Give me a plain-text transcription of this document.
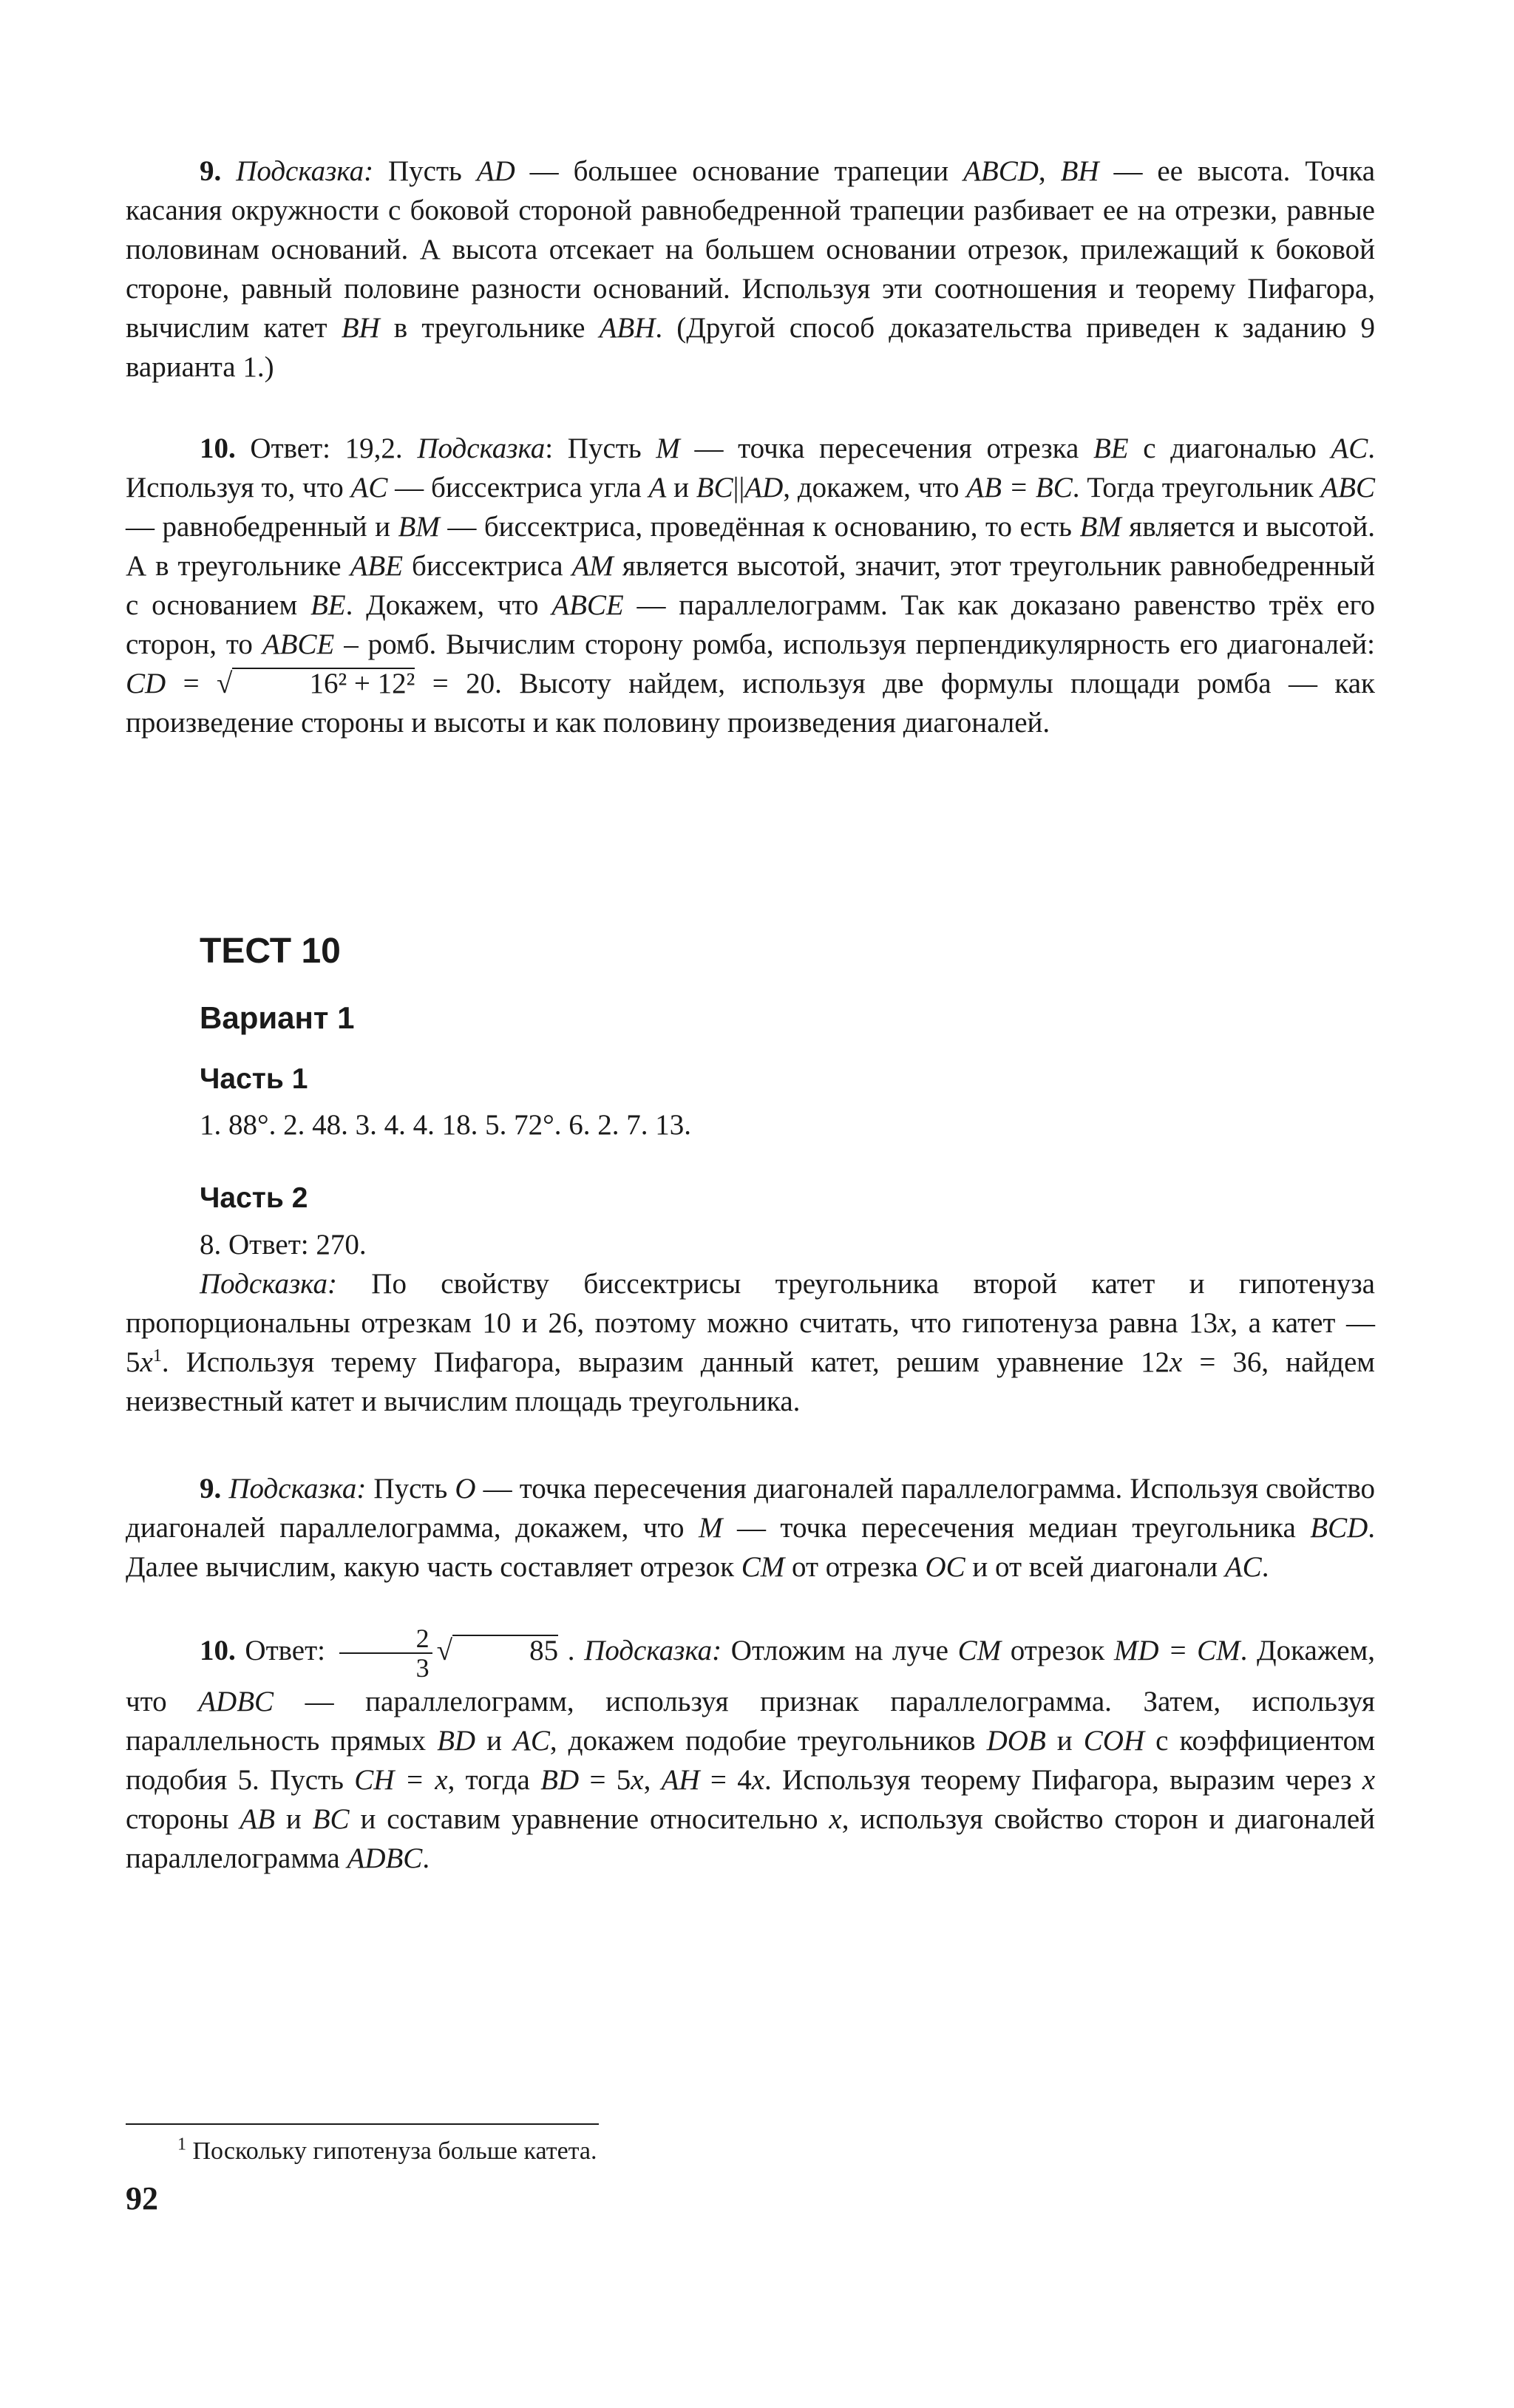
9. Подсказка: Пусть AD — большее основание трапеции ABCD, BH — ее высота. Точка касания окружности с боковой стороной равнобедренной трапеции разбивает ее на отрезки, равные половинам оснований. А высота отсекает на большем основании отрезок, прилежащий к боковой стороне, равный половине разности оснований. Используя эти соотношения и теорему Пифагора, вычислим катет BH в треугольнике ABH. (Другой способ доказательства приведен к заданию 9 варианта 1.)

10. Ответ: 19,2. Подсказка: Пусть M — точка пересечения отрезка BE с диагональю AC. Используя то, что AC — биссектриса угла A и BC||AD, докажем, что AB = BC. Тогда треугольник ABC — равнобедренный и BM — биссектриса, проведённая к основанию, то есть BM является и высотой. А в треугольнике ABE биссектриса AM является высотой, значит, этот треугольник равнобедренный с основанием BE. Докажем, что ABCE — параллелограмм. Так как доказано равенство трёх его сторон, то ABCE – ромб. Вычислим сторону ромба, используя перпендикулярность его диагоналей: CD = √	16² + 12² = 20. Высоту найдем, используя две формулы площади ромба — как произведение стороны и высоты и как половину произведения диагоналей.

ТЕСТ 10
Вариант 1
Часть 1

1. 88°. 2. 48. 3. 4. 4. 18. 5. 72°. 6. 2. 7. 13.

Часть 2

8. Ответ: 270.

Подсказка: По свойству биссектрисы треугольника второй катет и гипотенуза пропорциональны отрезкам 10 и 26, поэтому можно считать, что гипотенуза равна 13x, а катет — $5x^1$. Используя терему Пифагора, выразим данный катет, решим уравнение 12x = 36, найдем неизвестный катет и вычислим площадь треугольника.

9. Подсказка: Пусть O — точка пересечения диагоналей параллелограмма. Используя свойство диагоналей параллелограмма, докажем, что M — точка пересечения медиан треугольника BCD. Далее вычислим, какую часть составляет отрезок CM от отрезка OC и от всей диагонали AC.

10. Ответ: $\frac{2}{3}$ √	85 . Подсказка: Отложим на луче CM отрезок MD = CM. Докажем, что ADBC — параллелограмм, используя признак параллелограмма. Затем, используя параллельность прямых BD и AC, докажем подобие треугольников DOB и COH с коэффициентом подобия 5. Пусть CH = x, тогда BD = 5x, AH = 4x. Используя теорему Пифагора, выразим через x стороны AB и BC и составим уравнение относительно x, используя свойство сторон и диагоналей параллелограмма ADBC.

$^1$ Поскольку гипотенуза больше катета.
92
